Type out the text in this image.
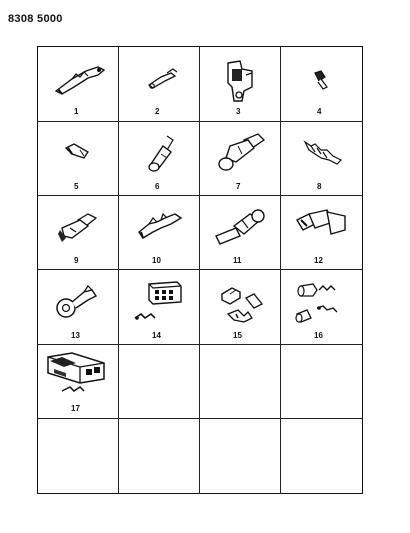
8308 5000
1	2	3	4
5	6	7	8
9	10	11	12
13	14	15	16
17
